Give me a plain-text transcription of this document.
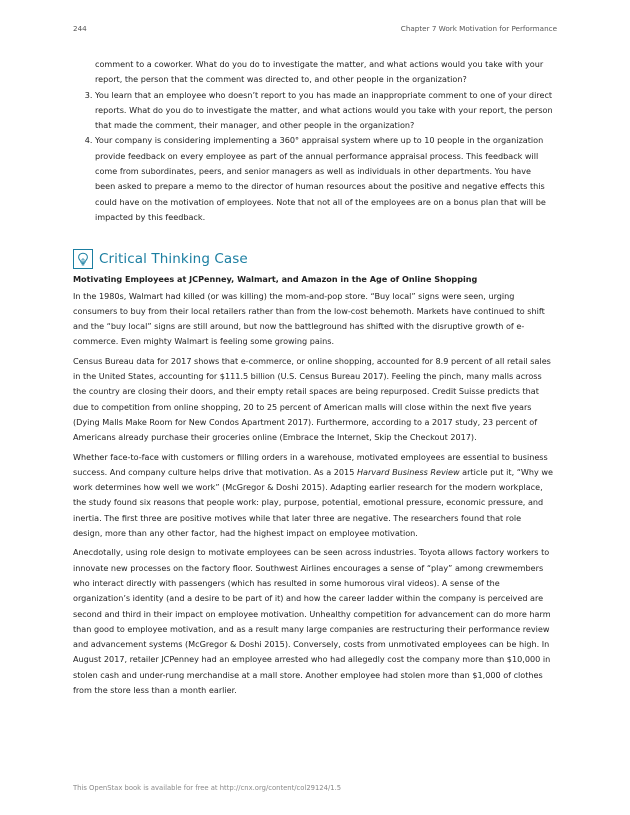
244	Chapter 7 Work Motivation for Performance

comment to a coworker. What do you do to investigate the matter, and what actions would you take with your report, the person that the comment was directed to, and other people in the organization?

3. You learn that an employee who doesn’t report to you has made an inappropriate comment to one of your direct reports. What do you do to investigate the matter, and what actions would you take with your report, the person that made the comment, their manager, and other people in the organization?
4. Your company is considering implementing a 360° appraisal system where up to 10 people in the organization provide feedback on every employee as part of the annual performance appraisal process. This feedback will come from subordinates, peers, and senior managers as well as individuals in other departments. You have been asked to prepare a memo to the director of human resources about the positive and negative effects this could have on the motivation of employees. Note that not all of the employees are on a bonus plan that will be impacted by this feedback.
Critical Thinking Case

Motivating Employees at JCPenney, Walmart, and Amazon in the Age of Online Shopping

In the 1980s, Walmart had killed (or was killing) the mom-and-pop store. “Buy local” signs were seen, urging consumers to buy from their local retailers rather than from the low-cost behemoth. Markets have continued to shift and the “buy local” signs are still around, but now the battleground has shifted with the disruptive growth of e-commerce. Even mighty Walmart is feeling some growing pains.

Census Bureau data for 2017 shows that e-commerce, or online shopping, accounted for 8.9 percent of all retail sales in the United States, accounting for $111.5 billion (U.S. Census Bureau 2017). Feeling the pinch, many malls across the country are closing their doors, and their empty retail spaces are being repurposed. Credit Suisse predicts that due to competition from online shopping, 20 to 25 percent of American malls will close within the next five years (Dying Malls Make Room for New Condos Apartment 2017). Furthermore, according to a 2017 study, 23 percent of Americans already purchase their groceries online (Embrace the Internet, Skip the Checkout 2017).

Whether face-to-face with customers or filling orders in a warehouse, motivated employees are essential to business success. And company culture helps drive that motivation. As a 2015 Harvard Business Review article put it, “Why we work determines how well we work” (McGregor & Doshi 2015). Adapting earlier research for the modern workplace, the study found six reasons that people work: play, purpose, potential, emotional pressure, economic pressure, and inertia. The first three are positive motives while that later three are negative. The researchers found that role design, more than any other factor, had the highest impact on employee motivation.

Anecdotally, using role design to motivate employees can be seen across industries. Toyota allows factory workers to innovate new processes on the factory floor. Southwest Airlines encourages a sense of “play” among crewmembers who interact directly with passengers (which has resulted in some humorous viral videos). A sense of the organization’s identity (and a desire to be part of it) and how the career ladder within the company is perceived are second and third in their impact on employee motivation. Unhealthy competition for advancement can do more harm than good to employee motivation, and as a result many large companies are restructuring their performance review and advancement systems (McGregor & Doshi 2015). Conversely, costs from unmotivated employees can be high. In August 2017, retailer JCPenney had an employee arrested who had allegedly cost the company more than $10,000 in stolen cash and under-rung merchandise at a mall store. Another employee had stolen more than $1,000 of clothes from the store less than a month earlier.

This OpenStax book is available for free at http://cnx.org/content/col29124/1.5
